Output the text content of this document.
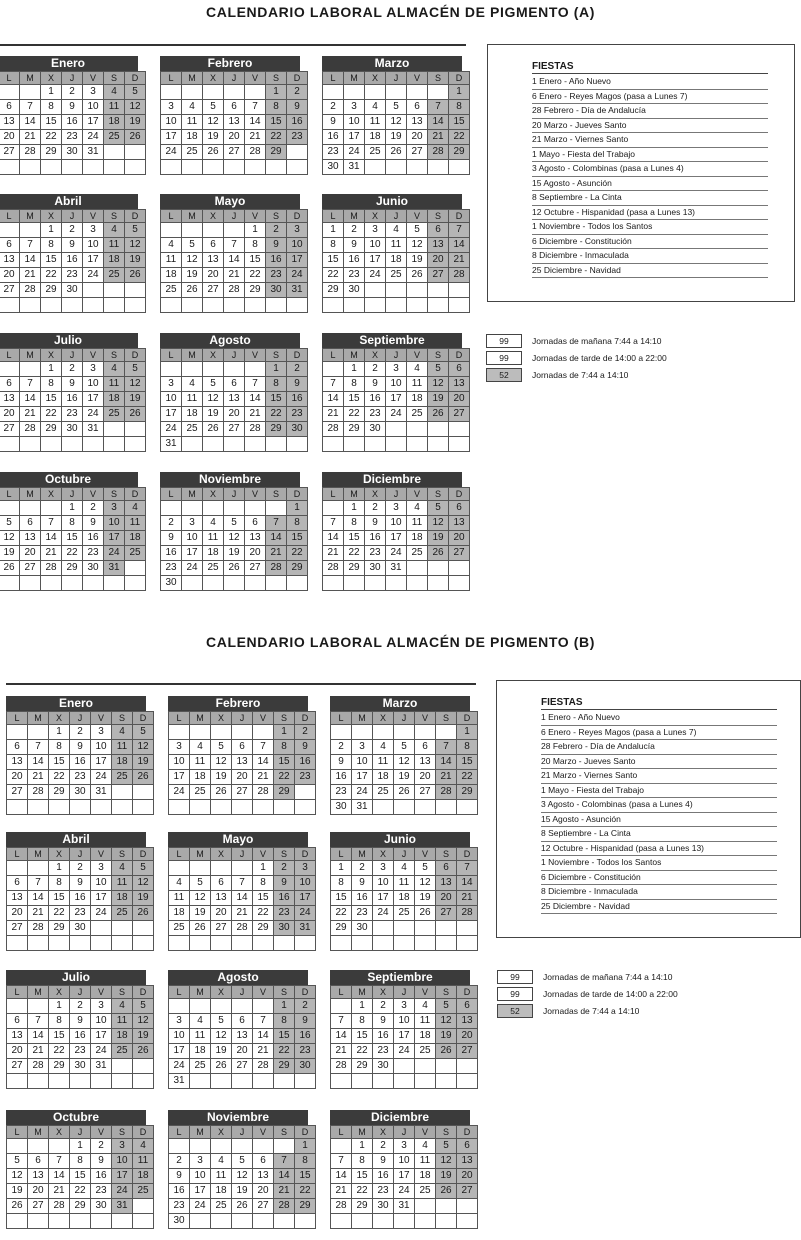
CALENDARIO LABORAL ALMACÉN DE PIGMENTO (A)
Enero
L	M	X	J	V	S	D
		1	2	3	4	5
6	7	8	9	10	11	12
13	14	15	16	17	18	19
20	21	22	23	24	25	26
27	28	29	30	31		

Febrero
L	M	X	J	V	S	D
					1	2
3	4	5	6	7	8	9
10	11	12	13	14	15	16
17	18	19	20	21	22	23
24	25	26	27	28	29	

Marzo
L	M	X	J	V	S	D
						1
2	3	4	5	6	7	8
9	10	11	12	13	14	15
16	17	18	19	20	21	22
23	24	25	26	27	28	29
30	31					
Abril
L	M	X	J	V	S	D
		1	2	3	4	5
6	7	8	9	10	11	12
13	14	15	16	17	18	19
20	21	22	23	24	25	26
27	28	29	30			

Mayo
L	M	X	J	V	S	D
				1	2	3
4	5	6	7	8	9	10
11	12	13	14	15	16	17
18	19	20	21	22	23	24
25	26	27	28	29	30	31

Junio
L	M	X	J	V	S	D
1	2	3	4	5	6	7
8	9	10	11	12	13	14
15	16	17	18	19	20	21
22	23	24	25	26	27	28
29	30					

Julio
L	M	X	J	V	S	D
		1	2	3	4	5
6	7	8	9	10	11	12
13	14	15	16	17	18	19
20	21	22	23	24	25	26
27	28	29	30	31		

Agosto
L	M	X	J	V	S	D
					1	2
3	4	5	6	7	8	9
10	11	12	13	14	15	16
17	18	19	20	21	22	23
24	25	26	27	28	29	30
31						
Septiembre
L	M	X	J	V	S	D
	1	2	3	4	5	6
7	8	9	10	11	12	13
14	15	16	17	18	19	20
21	22	23	24	25	26	27
28	29	30				

Octubre
L	M	X	J	V	S	D
			1	2	3	4
5	6	7	8	9	10	11
12	13	14	15	16	17	18
19	20	21	22	23	24	25
26	27	28	29	30	31	

Noviembre
L	M	X	J	V	S	D
						1
2	3	4	5	6	7	8
9	10	11	12	13	14	15
16	17	18	19	20	21	22
23	24	25	26	27	28	29
30						
Diciembre
L	M	X	J	V	S	D
	1	2	3	4	5	6
7	8	9	10	11	12	13
14	15	16	17	18	19	20
21	22	23	24	25	26	27
28	29	30	31			

FIESTAS
1 Enero - Año Nuevo
6 Enero - Reyes Magos (pasa a Lunes 7)
28 Febrero - Día de Andalucía
20 Marzo - Jueves Santo
21 Marzo - Viernes Santo
1 Mayo - Fiesta del Trabajo
3 Agosto - Colombinas (pasa a Lunes 4)
15 Agosto - Asunción
8 Septiembre - La Cinta
12 Octubre - Hispanidad (pasa a Lunes 13)
1 Noviembre - Todos los Santos
6 Diciembre - Constitución
8 Diciembre - Inmaculada
25 Diciembre - Navidad
99	Jornadas de mañana 7:44 a 14:10
99	Jornadas de tarde de 14:00 a 22:00
52	Jornadas de 7:44 a 14:10
CALENDARIO LABORAL ALMACÉN DE PIGMENTO (B)
Enero
L	M	X	J	V	S	D
		1	2	3	4	5
6	7	8	9	10	11	12
13	14	15	16	17	18	19
20	21	22	23	24	25	26
27	28	29	30	31		

Febrero
L	M	X	J	V	S	D
					1	2
3	4	5	6	7	8	9
10	11	12	13	14	15	16
17	18	19	20	21	22	23
24	25	26	27	28	29	

Marzo
L	M	X	J	V	S	D
						1
2	3	4	5	6	7	8
9	10	11	12	13	14	15
16	17	18	19	20	21	22
23	24	25	26	27	28	29
30	31					
Abril
L	M	X	J	V	S	D
		1	2	3	4	5
6	7	8	9	10	11	12
13	14	15	16	17	18	19
20	21	22	23	24	25	26
27	28	29	30			

Mayo
L	M	X	J	V	S	D
				1	2	3
4	5	6	7	8	9	10
11	12	13	14	15	16	17
18	19	20	21	22	23	24
25	26	27	28	29	30	31

Junio
L	M	X	J	V	S	D
1	2	3	4	5	6	7
8	9	10	11	12	13	14
15	16	17	18	19	20	21
22	23	24	25	26	27	28
29	30					

Julio
L	M	X	J	V	S	D
		1	2	3	4	5
6	7	8	9	10	11	12
13	14	15	16	17	18	19
20	21	22	23	24	25	26
27	28	29	30	31		

Agosto
L	M	X	J	V	S	D
					1	2
3	4	5	6	7	8	9
10	11	12	13	14	15	16
17	18	19	20	21	22	23
24	25	26	27	28	29	30
31						
Septiembre
L	M	X	J	V	S	D
	1	2	3	4	5	6
7	8	9	10	11	12	13
14	15	16	17	18	19	20
21	22	23	24	25	26	27
28	29	30				

Octubre
L	M	X	J	V	S	D
			1	2	3	4
5	6	7	8	9	10	11
12	13	14	15	16	17	18
19	20	21	22	23	24	25
26	27	28	29	30	31	

Noviembre
L	M	X	J	V	S	D
						1
2	3	4	5	6	7	8
9	10	11	12	13	14	15
16	17	18	19	20	21	22
23	24	25	26	27	28	29
30						
Diciembre
L	M	X	J	V	S	D
	1	2	3	4	5	6
7	8	9	10	11	12	13
14	15	16	17	18	19	20
21	22	23	24	25	26	27
28	29	30	31			

FIESTAS
1 Enero - Año Nuevo
6 Enero - Reyes Magos (pasa a Lunes 7)
28 Febrero - Día de Andalucía
20 Marzo - Jueves Santo
21 Marzo - Viernes Santo
1 Mayo - Fiesta del Trabajo
3 Agosto - Colombinas (pasa a Lunes 4)
15 Agosto - Asunción
8 Septiembre - La Cinta
12 Octubre - Hispanidad (pasa a Lunes 13)
1 Noviembre - Todos los Santos
6 Diciembre - Constitución
8 Diciembre - Inmaculada
25 Diciembre - Navidad
99	Jornadas de mañana 7:44 a 14:10
99	Jornadas de tarde de 14:00 a 22:00
52	Jornadas de 7:44 a 14:10
